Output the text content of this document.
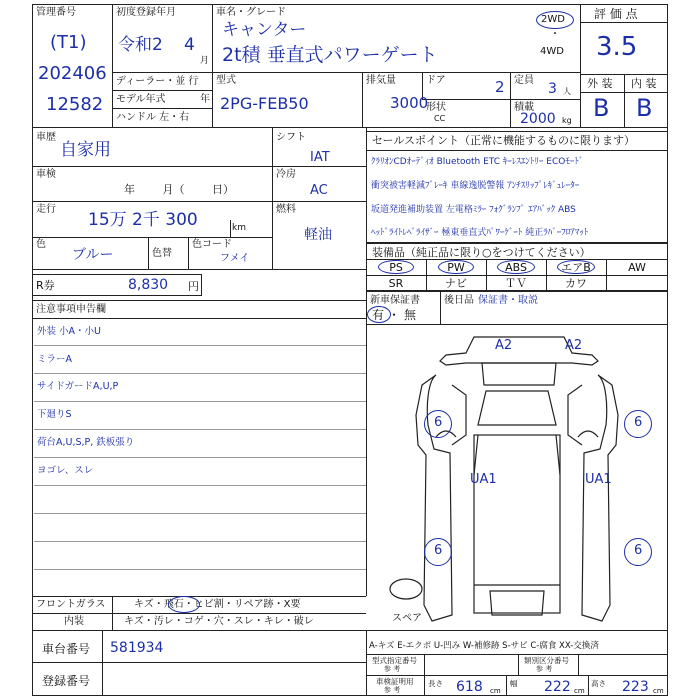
管理番号
(T1)
202406
12582
初度登録年月
令和2 4
月
ディーラー・並 行
モデル年式	年
ハンドル 左・右
車名・グレード
キャンター
2t積 垂直式パワーゲート
2WD
・
4WD
型式
2PG-FEB50
排気量
3000
CC
ドア	2 定員
3 人
形状	積載
2000 kg
評 価 点
3.5
外 装 内 装
B B
車歴
自家用
車検
年 月（ 日）
走行
15万 2千 300	km
色
ブルー	色替
色コード
フメイ
シフト
IAT
冷房
AC
燃料
軽油
R券	8,830 円
セールスポイント（正常に機能するものに限ります）
ｸﾗﾘｵﾝCDｵｰﾃﾞｨｵ Bluetooth ETC ｷｰﾚｽｴﾝﾄﾘｰ ECOﾓｰﾄﾞ
衝突被害軽減ﾌﾞﾚｰｷ 車線逸脱警報 ｱﾝﾁｽﾘｯﾌﾟﾚｷﾞｭﾚｰﾀｰ
坂道発進補助装置 左電格ﾐﾗｰ ﾌｫｸﾞﾗﾝﾌﾟ ｴｱﾊﾞｯｸ ABS
ﾍｯﾄﾞﾗｲﾄﾚﾍﾞﾗｲｻﾞｰ 極東垂直式ﾊﾟﾜｰｹﾞｰﾄ 純正ﾗﾊﾞｰﾌﾛｱﾏｯﾄ
装備品（純正品に限り○をつけてください）
PS	PW	ABS	エアB	AW
SR	ナビ	ＴＶ	カワ
新車保証書
有・無
後日品 保証書・取説
注意事項申告欄
外装 小A・小U
ミラーA
サイドガードA,U,P
下廻りS
荷台A,U,S,P, 鉄板張り
ヨゴレ、スレ
A2	A2
6	6
UA1	UA1
6	6
スペア
フロントガラス	キズ・飛石・ヒビ割・リペア跡・X要
内装	キズ・汚レ・コゲ・穴・スレ・キレ・破レ
車台番号 581934
登録番号
A-キズ E-エクボ U-凹み W-補修跡 S-サビ C-腐食 XX-交換済
型式指定番号
参 考
類別区分番号
参 考
車検証明用
参 考
長さ 618 cm
幅 222 cm
高さ 223 cm
